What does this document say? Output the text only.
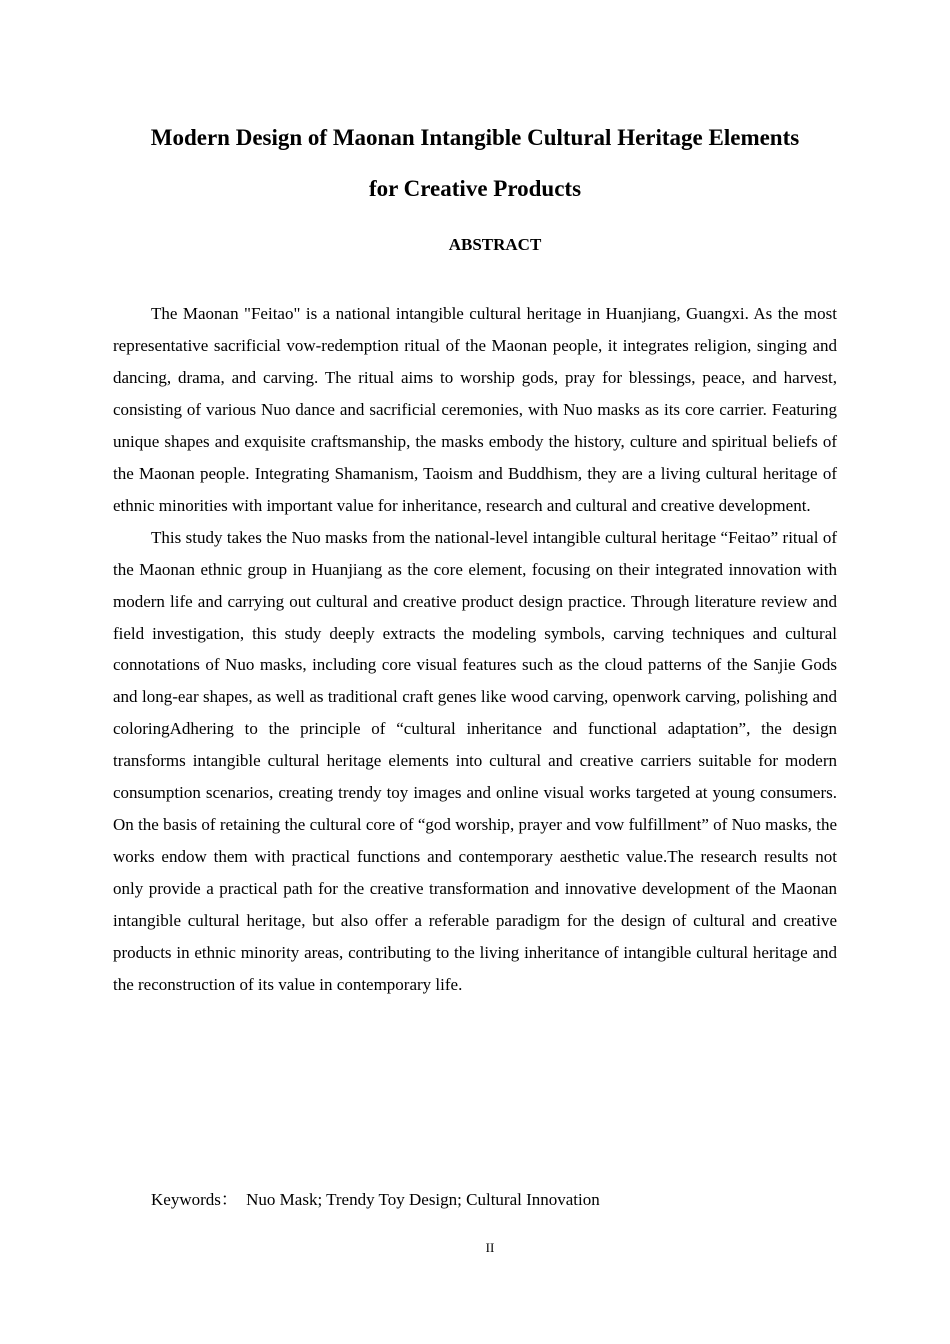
Modern Design of Maonan Intangible Cultural Heritage Elements
for Creative Products
ABSTRACT

The Maonan "Feitao" is a national intangible cultural heritage in Huanjiang, Guangxi. As the most representative sacrificial vow-redemption ritual of the Maonan people, it integrates religion, singing and dancing, drama, and carving. The ritual aims to worship gods, pray for blessings, peace, and harvest, consisting of various Nuo dance and sacrificial ceremonies, with Nuo masks as its core carrier. Featuring unique shapes and exquisite craftsmanship, the masks embody the history, culture and spiritual beliefs of the Maonan people. Integrating Shamanism, Taoism and Buddhism, they are a living cultural heritage of ethnic minorities with important value for inheritance, research and cultural and creative development.

This study takes the Nuo masks from the national-level intangible cultural heritage “Feitao” ritual of the Maonan ethnic group in Huanjiang as the core element, focusing on their integrated innovation with modern life and carrying out cultural and creative product design practice. Through literature review and field investigation, this study deeply extracts the modeling symbols, carving techniques and cultural connotations of Nuo masks, including core visual features such as the cloud patterns of the Sanjie Gods and long-ear shapes, as well as traditional craft genes like wood carving, openwork carving, polishing and coloringAdhering to the principle of “cultural inheritance and functional adaptation”, the design transforms intangible cultural heritage elements into cultural and creative carriers suitable for modern consumption scenarios, creating trendy toy images and online visual works targeted at young consumers. On the basis of retaining the cultural core of “god worship, prayer and vow fulfillment” of Nuo masks, the works endow them with practical functions and contemporary aesthetic value.The research results not only provide a practical path for the creative transformation and innovative development of the Maonan intangible cultural heritage, but also offer a referable paradigm for the design of cultural and creative products in ethnic minority areas, contributing to the living inheritance of intangible cultural heritage and the reconstruction of its value in contemporary life.

Keywords： Nuo Mask; Trendy Toy Design; Cultural Innovation
II
